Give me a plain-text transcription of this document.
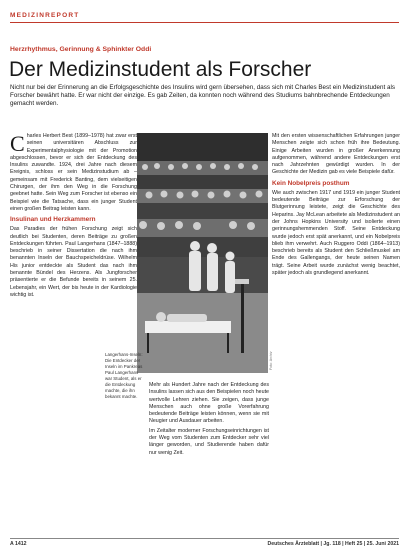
MEDIZINREPORT
Herzrhythmus, Gerinnung & Sphinkter Oddi
Der Medizinstudent als Forscher
Nicht nur bei der Erinnerung an die Erfolgsgeschichte des Insulins wird gern übersehen, dass sich mit Charles Best ein Medizinstudent als Forscher bewährt hatte. Er war nicht der einzige. Es gab Zeiten, da konnten noch während des Studiums bahnbrechende Entdeckungen gemacht werden.
C harles Herbert Best (1899–1978) hat zwar erst seinen universitären Abschluss zur Experimentalphysiologie mit der Promotion abgeschlossen, bevor er sich der Entdeckung des Insulins zuwandte. 1924, drei Jahre nach diesem Ereignis, schloss er sein Medizinstudium ab – gemeinsam mit Frederick Banting, dem vielseitigen Chirurgen, der ihm den Weg in die Forschung geebnet hatte. Sein Weg zum Forscher ist ebenso ein Beispiel wie die Tatsache, dass ein junger Student einen großen Beitrag leisten kann.

Insulinan und Herzkammern

Das Paradies der frühen Forschung zeigt sich deutlich bei Studenten, deren Beiträge zu großen Entdeckungen führten. Paul Langerhans (1847–1888) beschrieb in seiner Dissertation die nach ihm benannten Inseln der Bauchspeicheldrüse. Wilhelm His junior entdeckte als Student das nach ihm benannte Bündel des Herzens. Als Jungforscher präsentierte er die Befunde bereits in seinem 25. Lebensjahr, ein Wert, der bis heute in der Kardiologie wichtig ist.

Foto: Archiv
Langerhans-Inseln: Die Entdecker der Inseln im Pankreas Paul Langerhans war Student, als er die Entdeckung machte, die ihn bekannt machte.

Mehr als Hundert Jahre nach der Entdeckung des Insulins lassen sich aus den Beispielen noch heute wertvolle Lehren ziehen. Sie zeigen, dass junge Menschen auch ohne große Vorerfahrung bedeutende Beiträge leisten können, wenn sie mit Neugier und Ausdauer arbeiten.

Im Zeitalter moderner Forschungseinrichtungen ist der Weg vom Studenten zum Entdecker sehr viel länger geworden, und Studierende haben dafür nur wenig Zeit.

Mit den ersten wissenschaftlichen Erfahrungen junger Menschen zeigte sich schon früh ihre Bedeutung. Einige Arbeiten wurden in großer Anerkennung aufgenommen, während andere Entdeckungen erst nach Jahrzehnten gewürdigt wurden. In der Geschichte der Medizin gab es viele Beispiele dafür.

Kein Nobelpreis posthum

Wie auch zwischen 1917 und 1919 ein junger Student bedeutende Beiträge zur Erforschung der Blutgerinnung leistete, zeigt die Geschichte des Heparins. Jay McLean arbeitete als Medizinstudent an der Johns Hopkins University und isolierte einen gerinnungshemmenden Stoff. Seine Entdeckung wurde jedoch erst spät anerkannt, und ein Nobelpreis blieb ihm verwehrt. Auch Ruggero Oddi (1864–1913) beschrieb bereits als Student den Schließmuskel am Ende des Gallengangs, der heute seinen Namen trägt. Seine Arbeit wurde zunächst wenig beachtet, später jedoch als grundlegend anerkannt.

A 1412	Deutsches Ärzteblatt | Jg. 118 | Heft 25 | 25. Juni 2021
